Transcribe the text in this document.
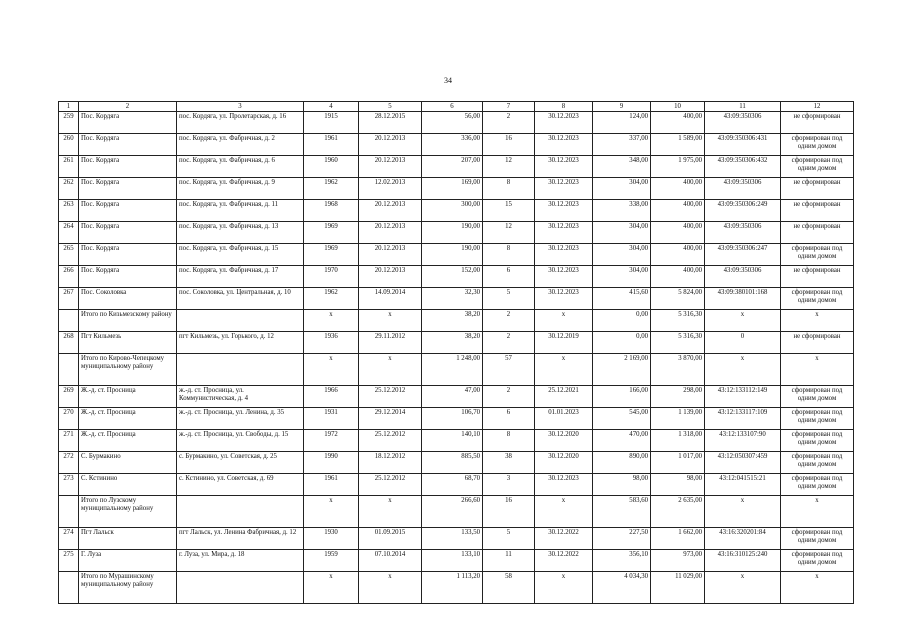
34
1	2	3	4	5	6	7	8	9	10	11	12
259	Пос. Кордяга	пос. Кордяга, ул. Пролетарская, д. 16	1915	28.12.2015	56,00	2	30.12.2023	124,00	400,00	43:09:350306	не сформирован
260	Пос. Кордяга	пос. Кордяга, ул. Фабричная, д. 2	1961	20.12.2013	336,00	16	30.12.2023	337,00	1 589,00	43:09:350306:431	сформирован под одним домом
261	Пос. Кордяга	пос. Кордяга, ул. Фабричная, д. 6	1960	20.12.2013	207,00	12	30.12.2023	348,00	1 975,00	43:09:350306:432	сформирован под одним домом
262	Пос. Кордяга	пос. Кордяга, ул. Фабричная, д. 9	1962	12.02.2013	169,00	8	30.12.2023	304,00	400,00	43:09:350306	не сформирован
263	Пос. Кордяга	пос. Кордяга, ул. Фабричная, д. 11	1968	20.12.2013	300,00	15	30.12.2023	338,00	400,00	43:09:350306:249	не сформирован
264	Пос. Кордяга	пос. Кордяга, ул. Фабричная, д. 13	1969	20.12.2013	190,00	12	30.12.2023	304,00	400,00	43:09:350306	не сформирован
265	Пос. Кордяга	пос. Кордяга, ул. Фабричная, д. 15	1969	20.12.2013	190,00	8	30.12.2023	304,00	400,00	43:09:350306:247	сформирован под одним домом
266	Пос. Кордяга	пос. Кордяга, ул. Фабричная, д. 17	1970	20.12.2013	152,00	6	30.12.2023	304,00	400,00	43:09:350306	не сформирован
267	Пос. Соколовка	пос. Соколовка, ул. Центральная, д. 10	1962	14.09.2014	32,30	5	30.12.2023	415,60	5 824,00	43:09:380101:168	сформирован под одним домом
	Итого по Кизьмезскому району		х	х	38,20	2	х	0,00	5 316,30	х	х
268	Пгт Кильмезь	пгт Кильмезь, ул. Горького, д. 12	1936	29.11.2012	38,20	2	30.12.2019	0,00	5 316,30	0	не сформирован
	Итого по Кирово-Чепецкому муниципальному району		х	х	1 248,00	57	х	2 169,00	3 870,00	х	х
269	Ж.-д. ст. Просница	ж.-д. ст. Просница, ул. Коммунистическая, д. 4	1966	25.12.2012	47,00	2	25.12.2021	166,00	298,00	43:12:133112:149	сформирован под одним домом
270	Ж.-д. ст. Просница	ж.-д. ст. Просница, ул. Ленина, д. 35	1931	29.12.2014	106,70	6	01.01.2023	545,00	1 139,00	43:12:133117:109	сформирован под одним домом
271	Ж.-д. ст. Просница	ж.-д. ст. Просница, ул. Свободы, д. 15	1972	25.12.2012	140,10	8	30.12.2020	470,00	1 318,00	43:12:133107:90	сформирован под одним домом
272	С. Бурмакино	с. Бурмакино, ул. Советская, д. 25	1990	18.12.2012	885,50	38	30.12.2020	890,00	1 017,00	43:12:050307:459	сформирован под одним домом
273	С. Кстинино	с. Кстинино, ул. Советская, д. 69	1961	25.12.2012	68,70	3	30.12.2023	98,00	98,00	43:12:041515:21	сформирован под одним домом
	Итого по Лузскому муниципальному району		х	х	266,60	16	х	583,60	2 635,00	х	х
274	Пгт Лальск	пгт Лальск, ул. Ленина Фабричная, д. 12	1930	01.09.2015	133,50	5	30.12.2022	227,50	1 662,00	43:16:320201:84	сформирован под одним домом
275	Г. Луза	г. Луза, ул. Мира, д. 18	1959	07.10.2014	133,10	11	30.12.2022	356,10	973,00	43:16:310125:240	сформирован под одним домом
	Итого по Мурашинскому муниципальному району		х	х	1 113,20	58	х	4 034,30	11 029,00	х	х
